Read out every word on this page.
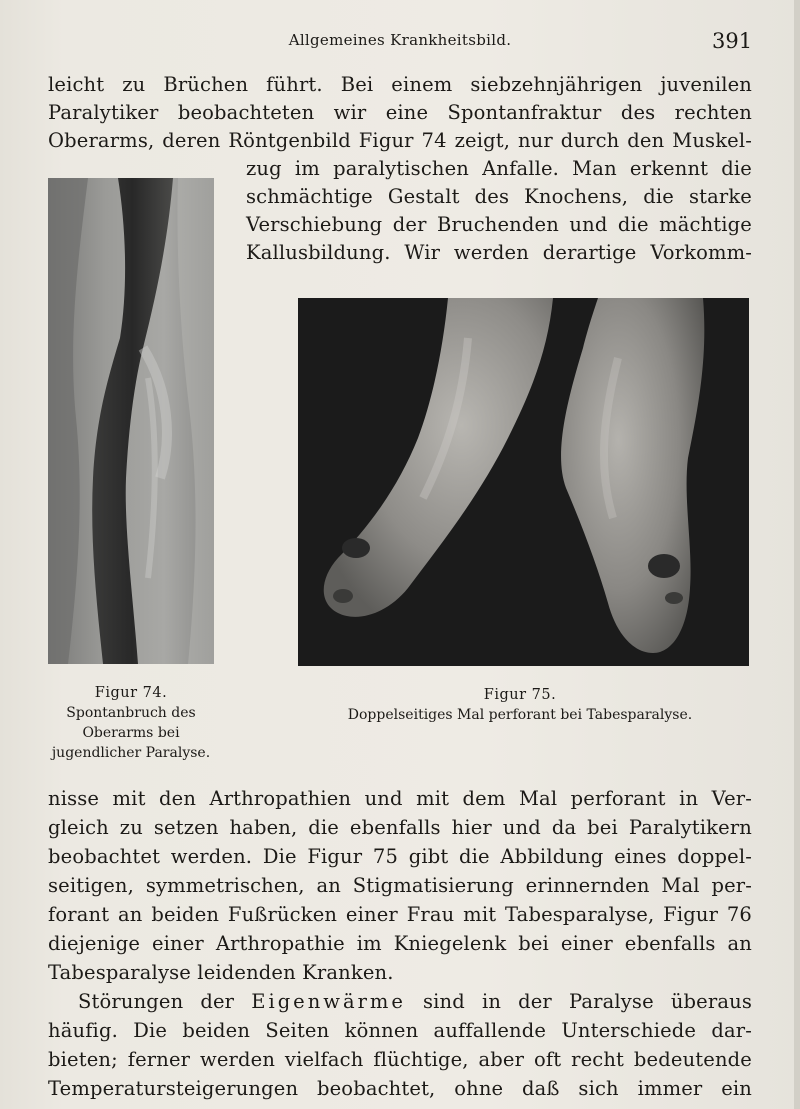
Allgemeines Krankheitsbild.	391
leicht zu Brüchen führt. Bei einem siebzehnjährigen juvenilen
Paralytiker beobachteten wir eine Spontanfraktur des rechten
Oberarms, deren Röntgenbild Figur 74 zeigt, nur durch den Muskel-
zug im paralytischen Anfalle. Man erkennt die
schmächtige Gestalt des Knochens, die starke
Verschiebung der Bruchenden und die mächtige
Kallusbildung. Wir werden derartige Vorkomm-
Figur 74.
Spontanbruch des
Oberarms bei
jugendlicher Paralyse.
Figur 75.
Doppelseitiges Mal perforant bei Tabesparalyse.
nisse mit den Arthropathien und mit dem Mal perforant in Ver-
gleich zu setzen haben, die ebenfalls hier und da bei Paralytikern
beobachtet werden. Die Figur 75 gibt die Abbildung eines doppel-
seitigen, symmetrischen, an Stigmatisierung erinnernden Mal per-
forant an beiden Fußrücken einer Frau mit Tabesparalyse, Figur 76
diejenige einer Arthropathie im Kniegelenk bei einer ebenfalls an
Tabesparalyse leidenden Kranken.
Störungen der Eigenwärme sind in der Paralyse überaus
häufig. Die beiden Seiten können auffallende Unterschiede dar-
bieten; ferner werden vielfach flüchtige, aber oft recht bedeutende
Temperatursteigerungen beobachtet, ohne daß sich immer ein
